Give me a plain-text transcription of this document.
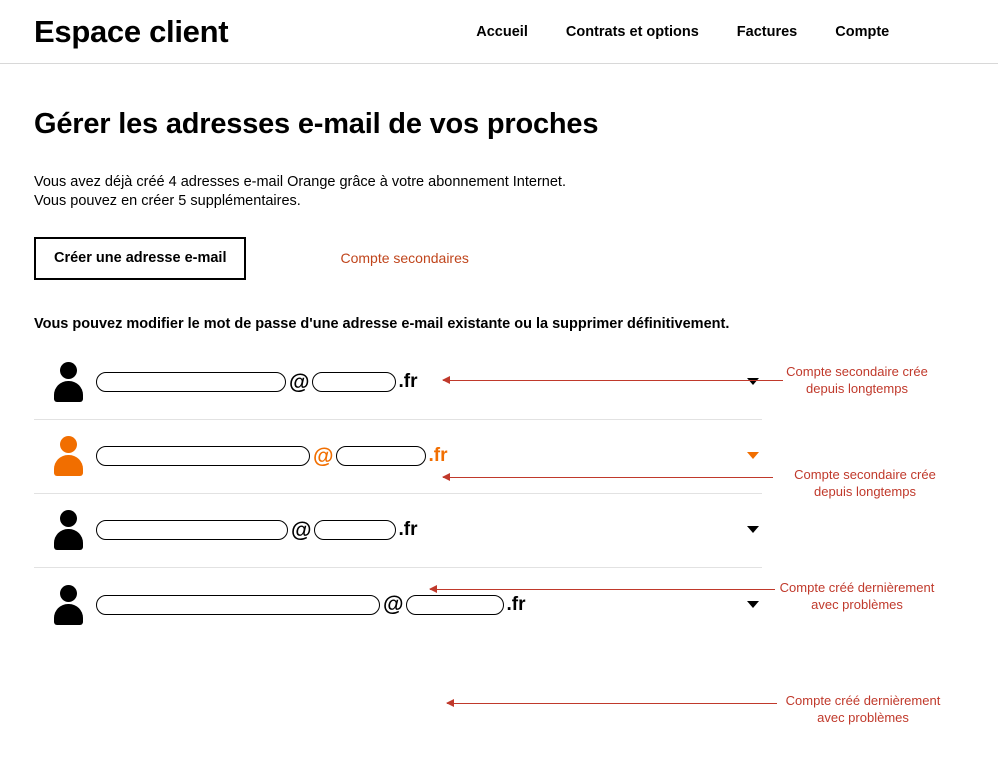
Espace client	Accueil	Contrats et options	Factures	Compte
Gérer les adresses e-mail de vos proches
Vous avez déjà créé 4 adresses e-mail Orange grâce à votre abonnement Internet.
Vous pouvez en créer 5 supplémentaires.
Créer une adresse e-mail	Compte secondaires
Vous pouvez modifier le mot de passe d'une adresse e-mail existante ou la supprimer définitivement.
@	.fr
@	.fr
@	.fr
@	.fr
Compte secondaire crée
depuis longtemps
Compte secondaire crée
depuis longtemps
Compte créé dernièrement
avec problèmes
Compte créé dernièrement
avec problèmes
